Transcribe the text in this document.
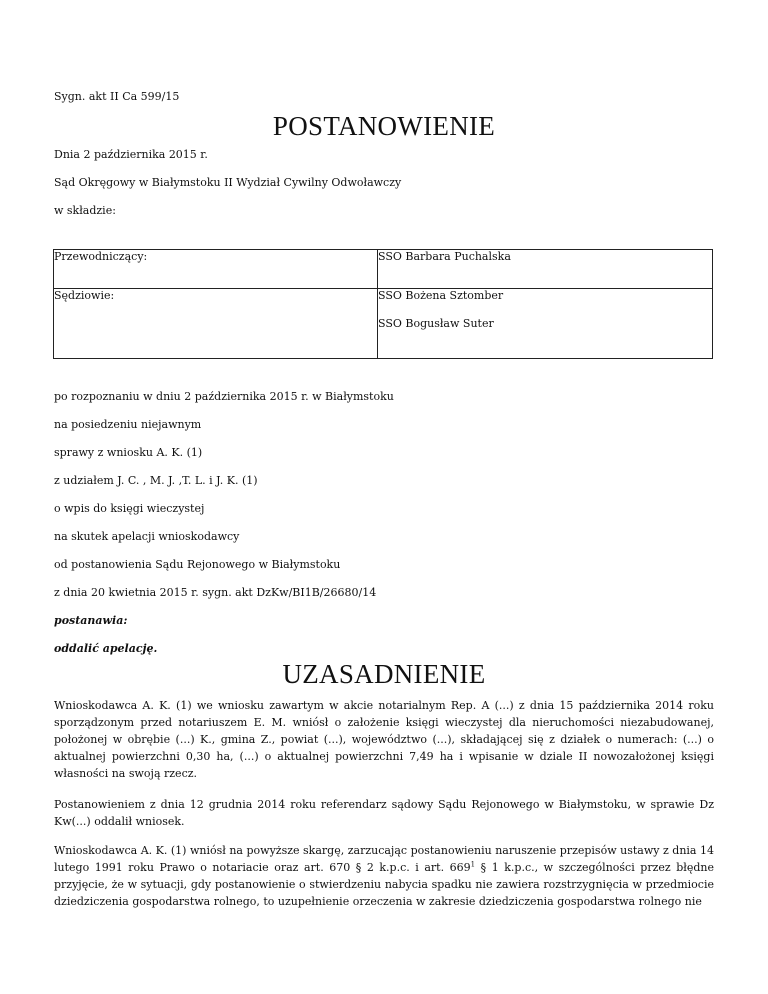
Sygn. akt II Ca 599/15
POSTANOWIENIE
Dnia 2 października 2015 r.
Sąd Okręgowy w Białymstoku II Wydział Cywilny Odwoławczy
w składzie:
Przewodniczący:	SSO Barbara Puchalska
Sędziowie:	SSO Bożena Sztomber
SSO Bogusław Suter
po rozpoznaniu w dniu 2 października 2015 r. w Białymstoku
na posiedzeniu niejawnym
sprawy z wniosku A. K. (1)
z udziałem J. C. , M. J. ,T. L. i J. K. (1)
o wpis do księgi wieczystej
na skutek apelacji wnioskodawcy
od postanowienia Sądu Rejonowego w Białymstoku
z dnia 20 kwietnia 2015 r. sygn. akt DzKw/BI1B/26680/14
postanawia:
oddalić apelację.
UZASADNIENIE
Wnioskodawca A. K. (1) we wniosku zawartym w akcie notarialnym Rep. A (...) z dnia 15 października 2014 roku sporządzonym przed notariuszem E. M. wniósł o założenie księgi wieczystej dla nieruchomości niezabudowanej, położonej w obrębie (...) K., gmina Z., powiat (...), województwo (...), składającej się z działek o numerach: (...) o aktualnej powierzchni 0,30 ha, (...) o aktualnej powierzchni 7,49 ha i wpisanie w dziale II nowozałożonej księgi własności na swoją rzecz.
Postanowieniem z dnia 12 grudnia 2014 roku referendarz sądowy Sądu Rejonowego w Białymstoku, w sprawie Dz Kw(...) oddalił wniosek.
Wnioskodawca A. K. (1) wniósł na powyższe skargę, zarzucając postanowieniu naruszenie przepisów ustawy z dnia 14 lutego 1991 roku Prawo o notariacie oraz art. 670 § 2 k.p.c. i art. $669^1$ § 1 k.p.c., w szczególności przez błędne przyjęcie, że w sytuacji, gdy postanowienie o stwierdzeniu nabycia spadku nie zawiera rozstrzygnięcia w przedmiocie dziedziczenia gospodarstwa rolnego, to uzupełnienie orzeczenia w zakresie dziedziczenia gospodarstwa rolnego nie
